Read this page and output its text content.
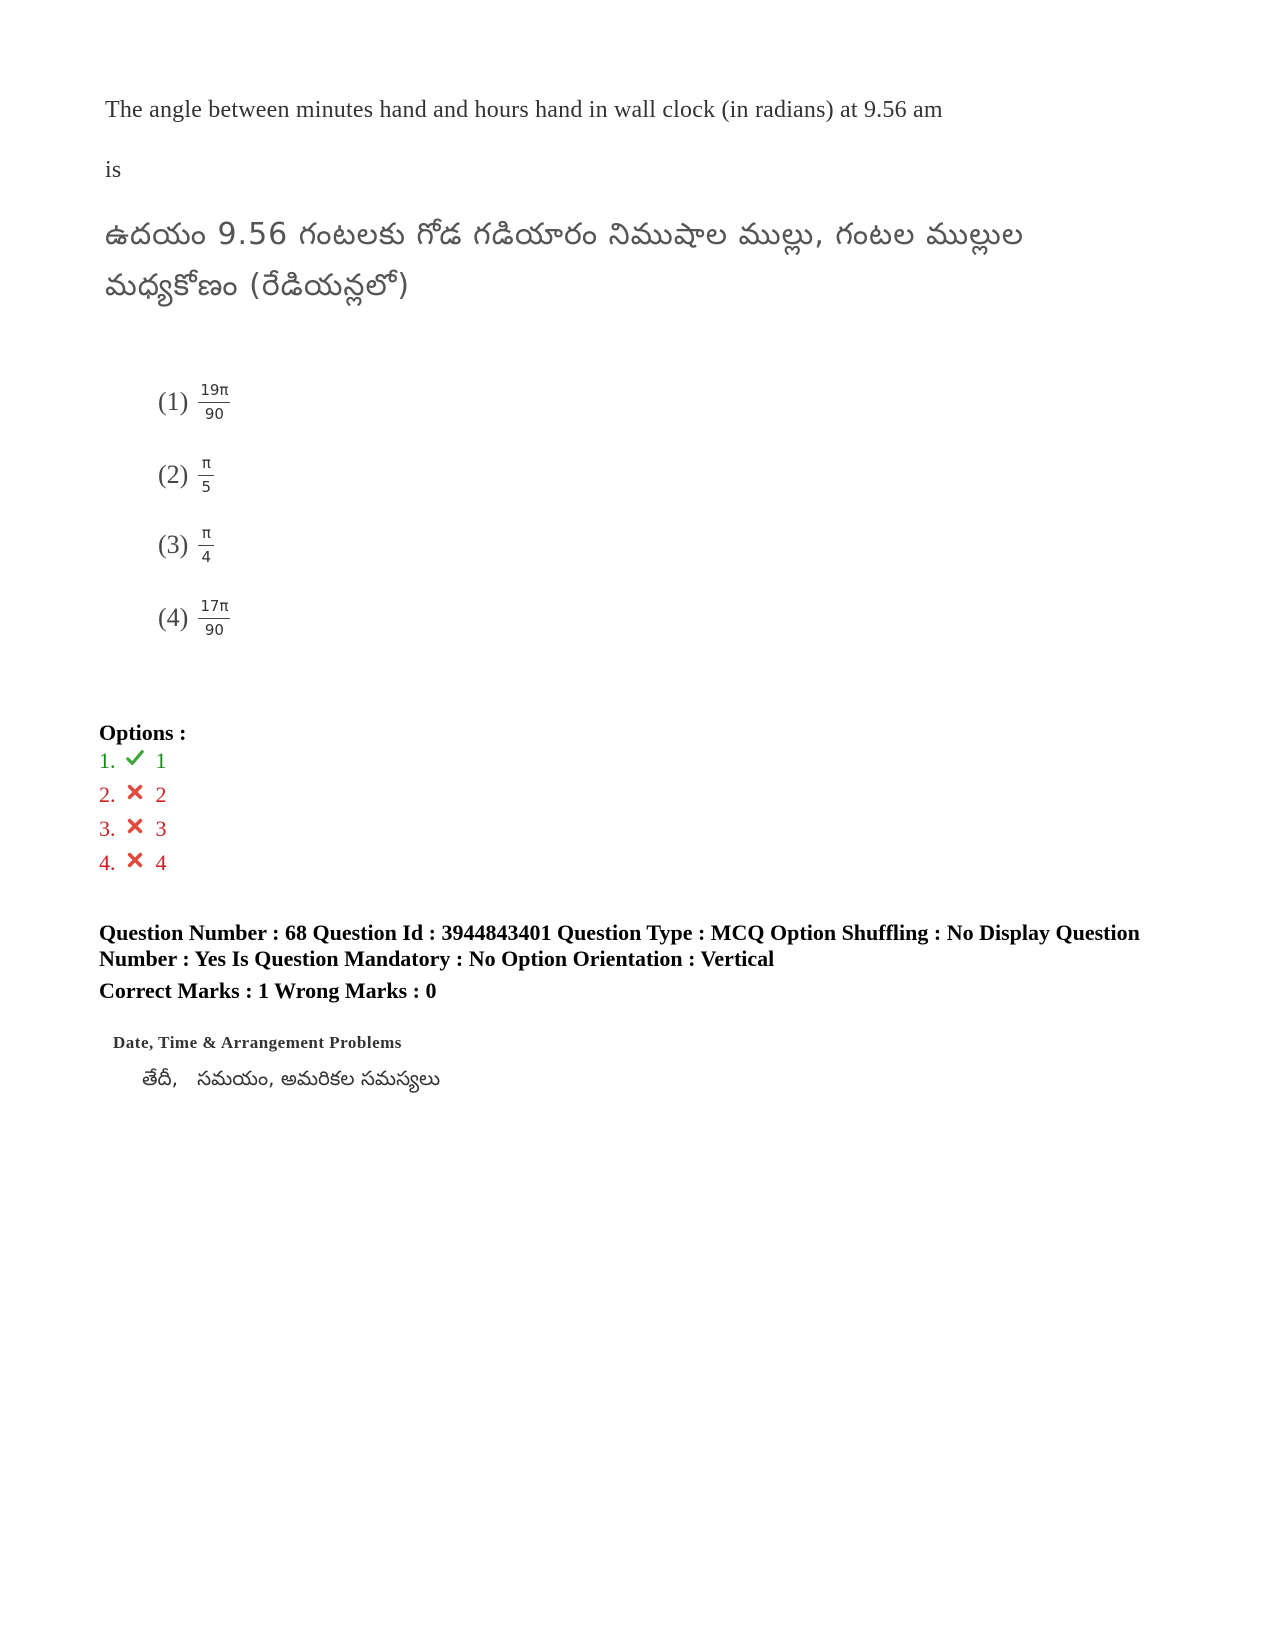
The angle between minutes hand and hours hand in wall clock (in radians) at 9.56 am
is
ఉదయం 9.56 గంటలకు గోడ గడియారం నిముషాల ముల్లు, గంటల ముల్లుల
మధ్యకోణం (రేడియన్లలో)
$(1) \frac{19\pi}{90}$
$(2) \frac{\pi}{5}$
$(3) \frac{\pi}{4}$
$(4) \frac{17\pi}{90}$
Options :
1. 1
2. 2
3. 3
4. 4
Question Number : 68 Question Id : 3944843401 Question Type : MCQ Option Shuffling : No Display Question
Number : Yes Is Question Mandatory : No Option Orientation : Vertical
Correct Marks : 1 Wrong Marks : 0
Date, Time & Arrangement Problems
తేదీ,   సమయం, అమరికల సమస్యలు
